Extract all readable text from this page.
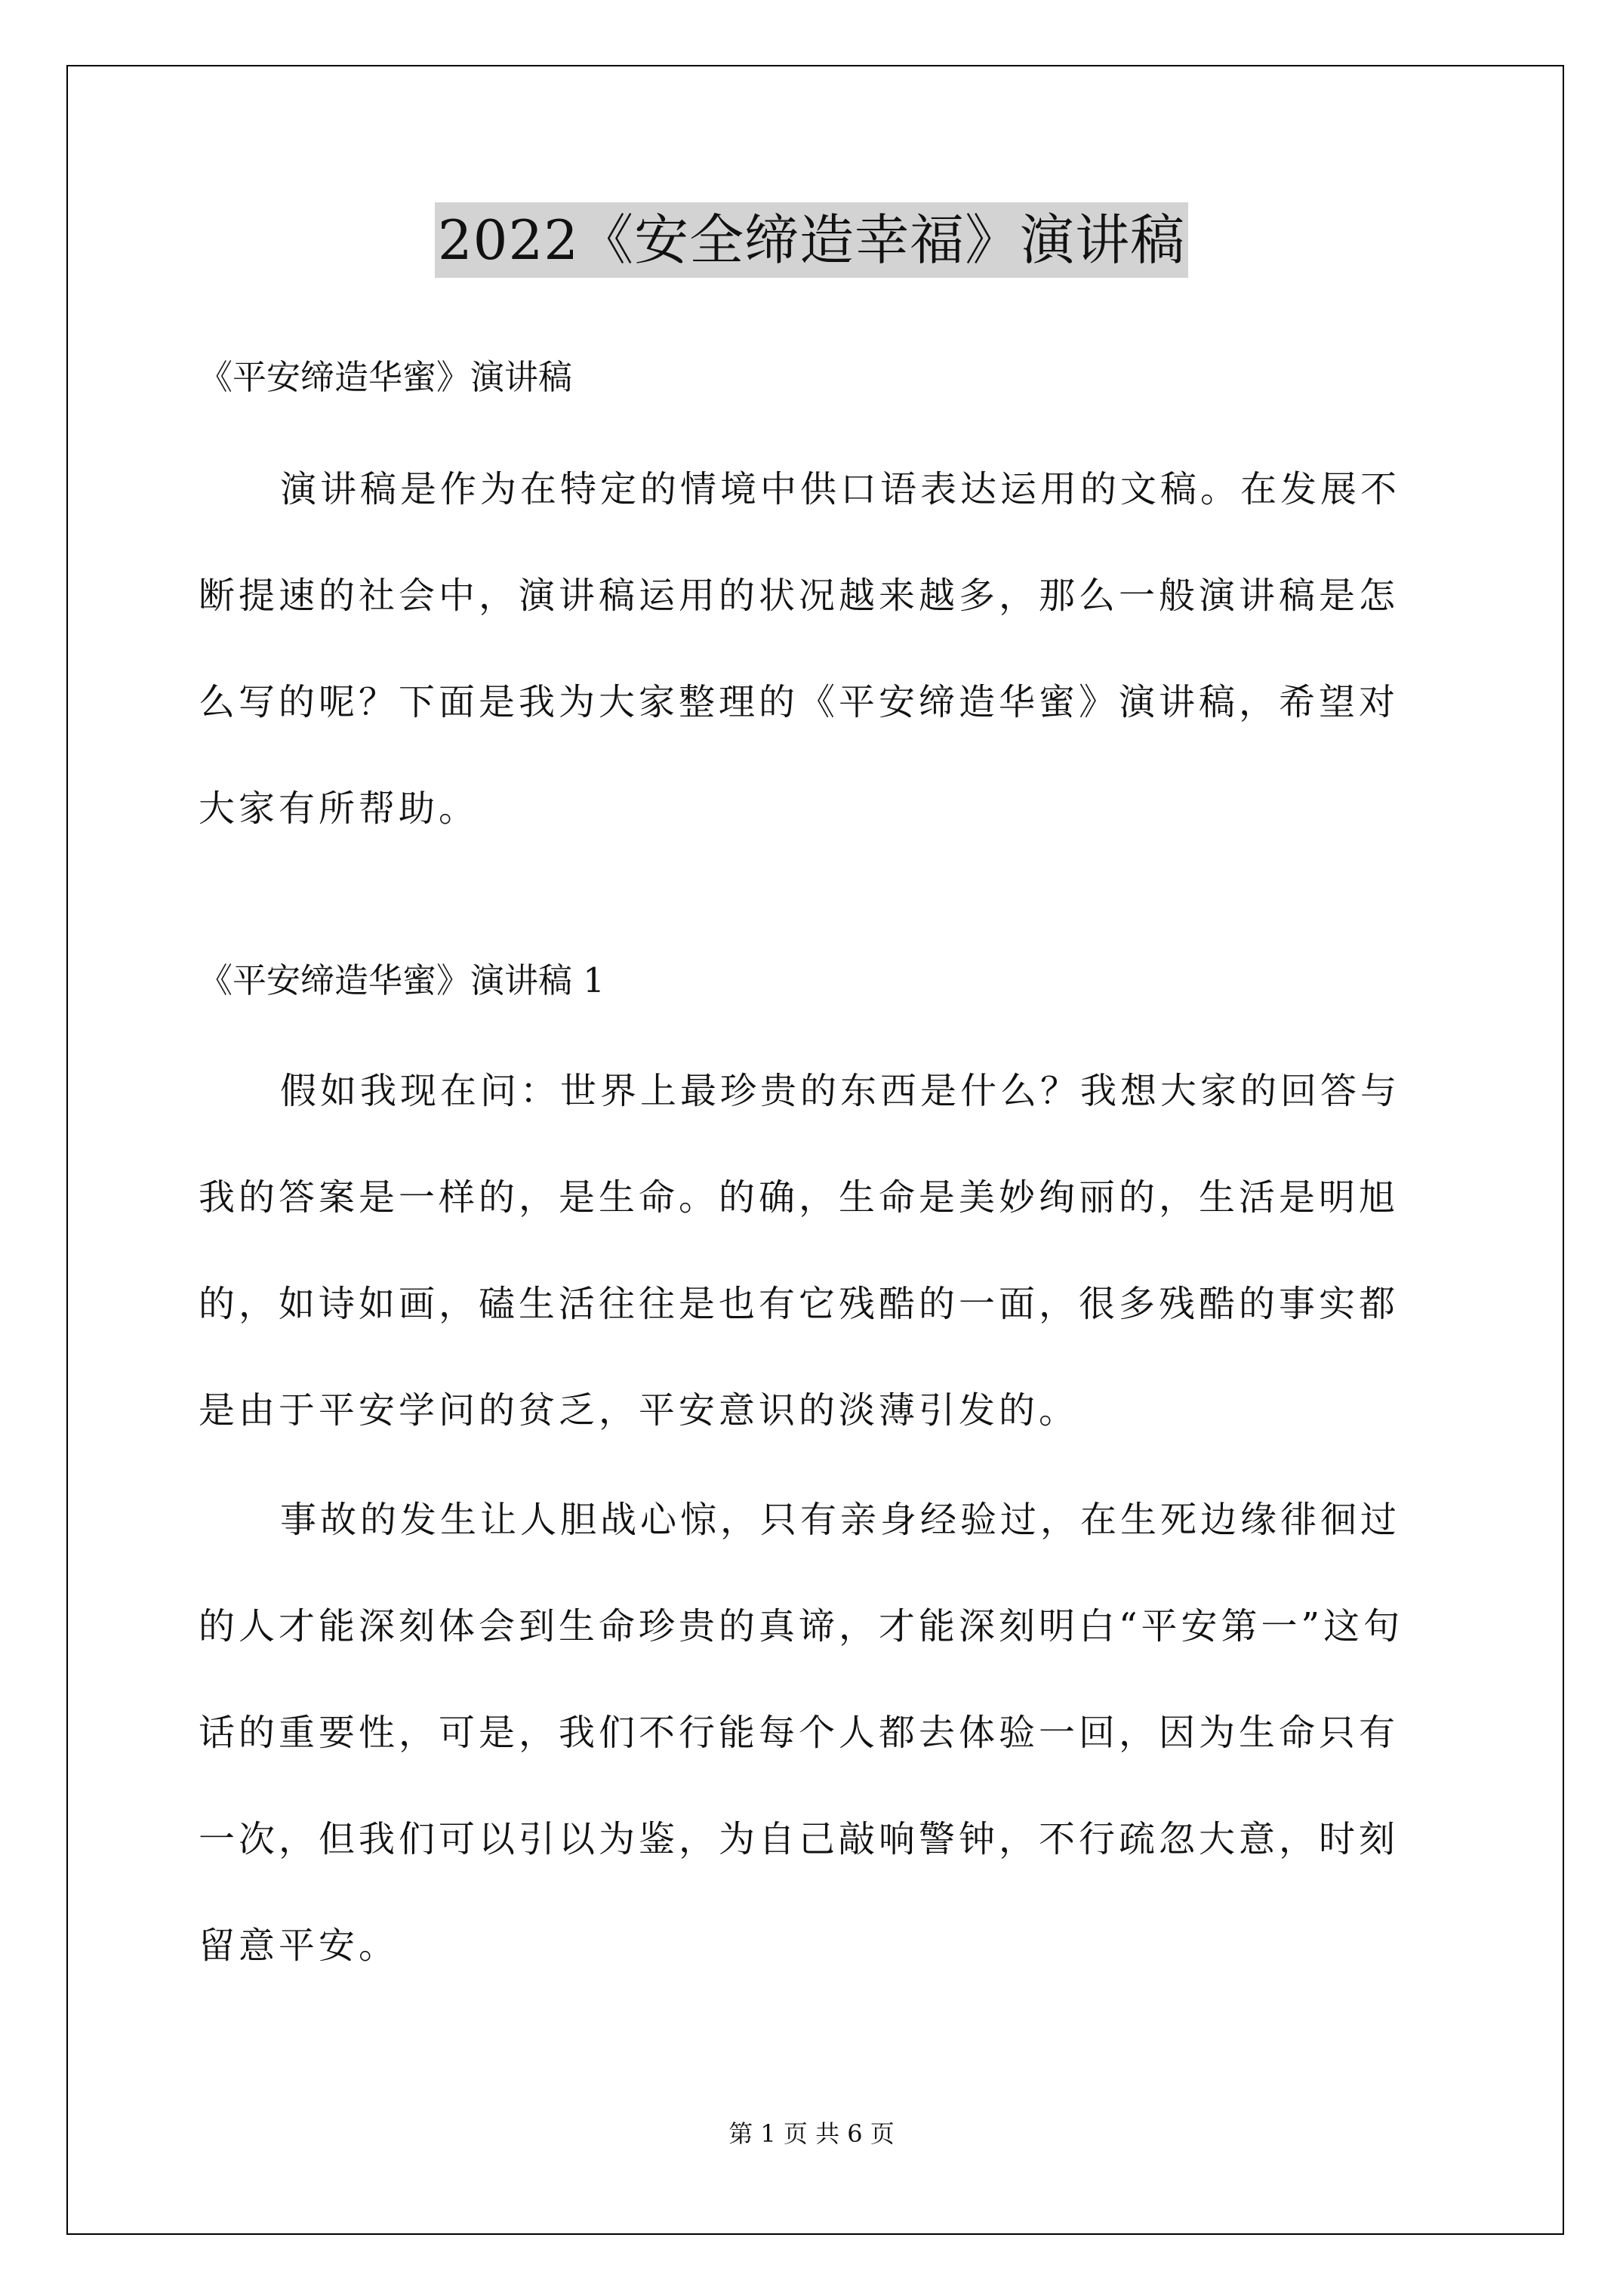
2022《安全缔造幸福》演讲稿
《平安缔造华蜜》演讲稿

演讲稿是作为在特定的情境中供口语表达运用的文稿。在发展不断提速的社会中，演讲稿运用的状况越来越多，那么一般演讲稿是怎么写的呢？下面是我为大家整理的《平安缔造华蜜》演讲稿，希望对大家有所帮助。

《平安缔造华蜜》演讲稿 1

假如我现在问：世界上最珍贵的东西是什么？我想大家的回答与我的答案是一样的，是生命。的确，生命是美妙绚丽的，生活是明旭的，如诗如画，磕生活往往是也有它残酷的一面，很多残酷的事实都是由于平安学问的贫乏，平安意识的淡薄引发的。

事故的发生让人胆战心惊，只有亲身经验过，在生死边缘徘徊过的人才能深刻体会到生命珍贵的真谛，才能深刻明白“平安第一”这句话的重要性，可是，我们不行能每个人都去体验一回，因为生命只有一次，但我们可以引以为鉴，为自己敲响警钟，不行疏忽大意，时刻留意平安。

第 1 页 共 6 页
